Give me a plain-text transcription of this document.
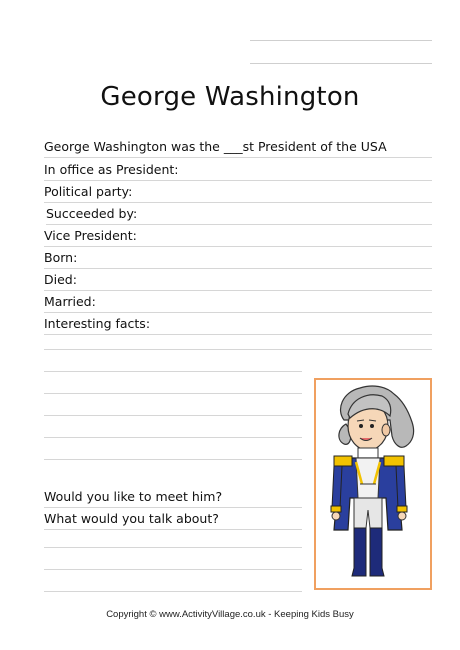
George Washington
George Washington was the ___st President of the USA
In office as President:
Political party:
Succeeded by:
Vice President:
Born:
Died:
Married:
Interesting facts:
Would you like to meet him?
What would you talk about?
Copyright © www.ActivityVillage.co.uk - Keeping Kids Busy
